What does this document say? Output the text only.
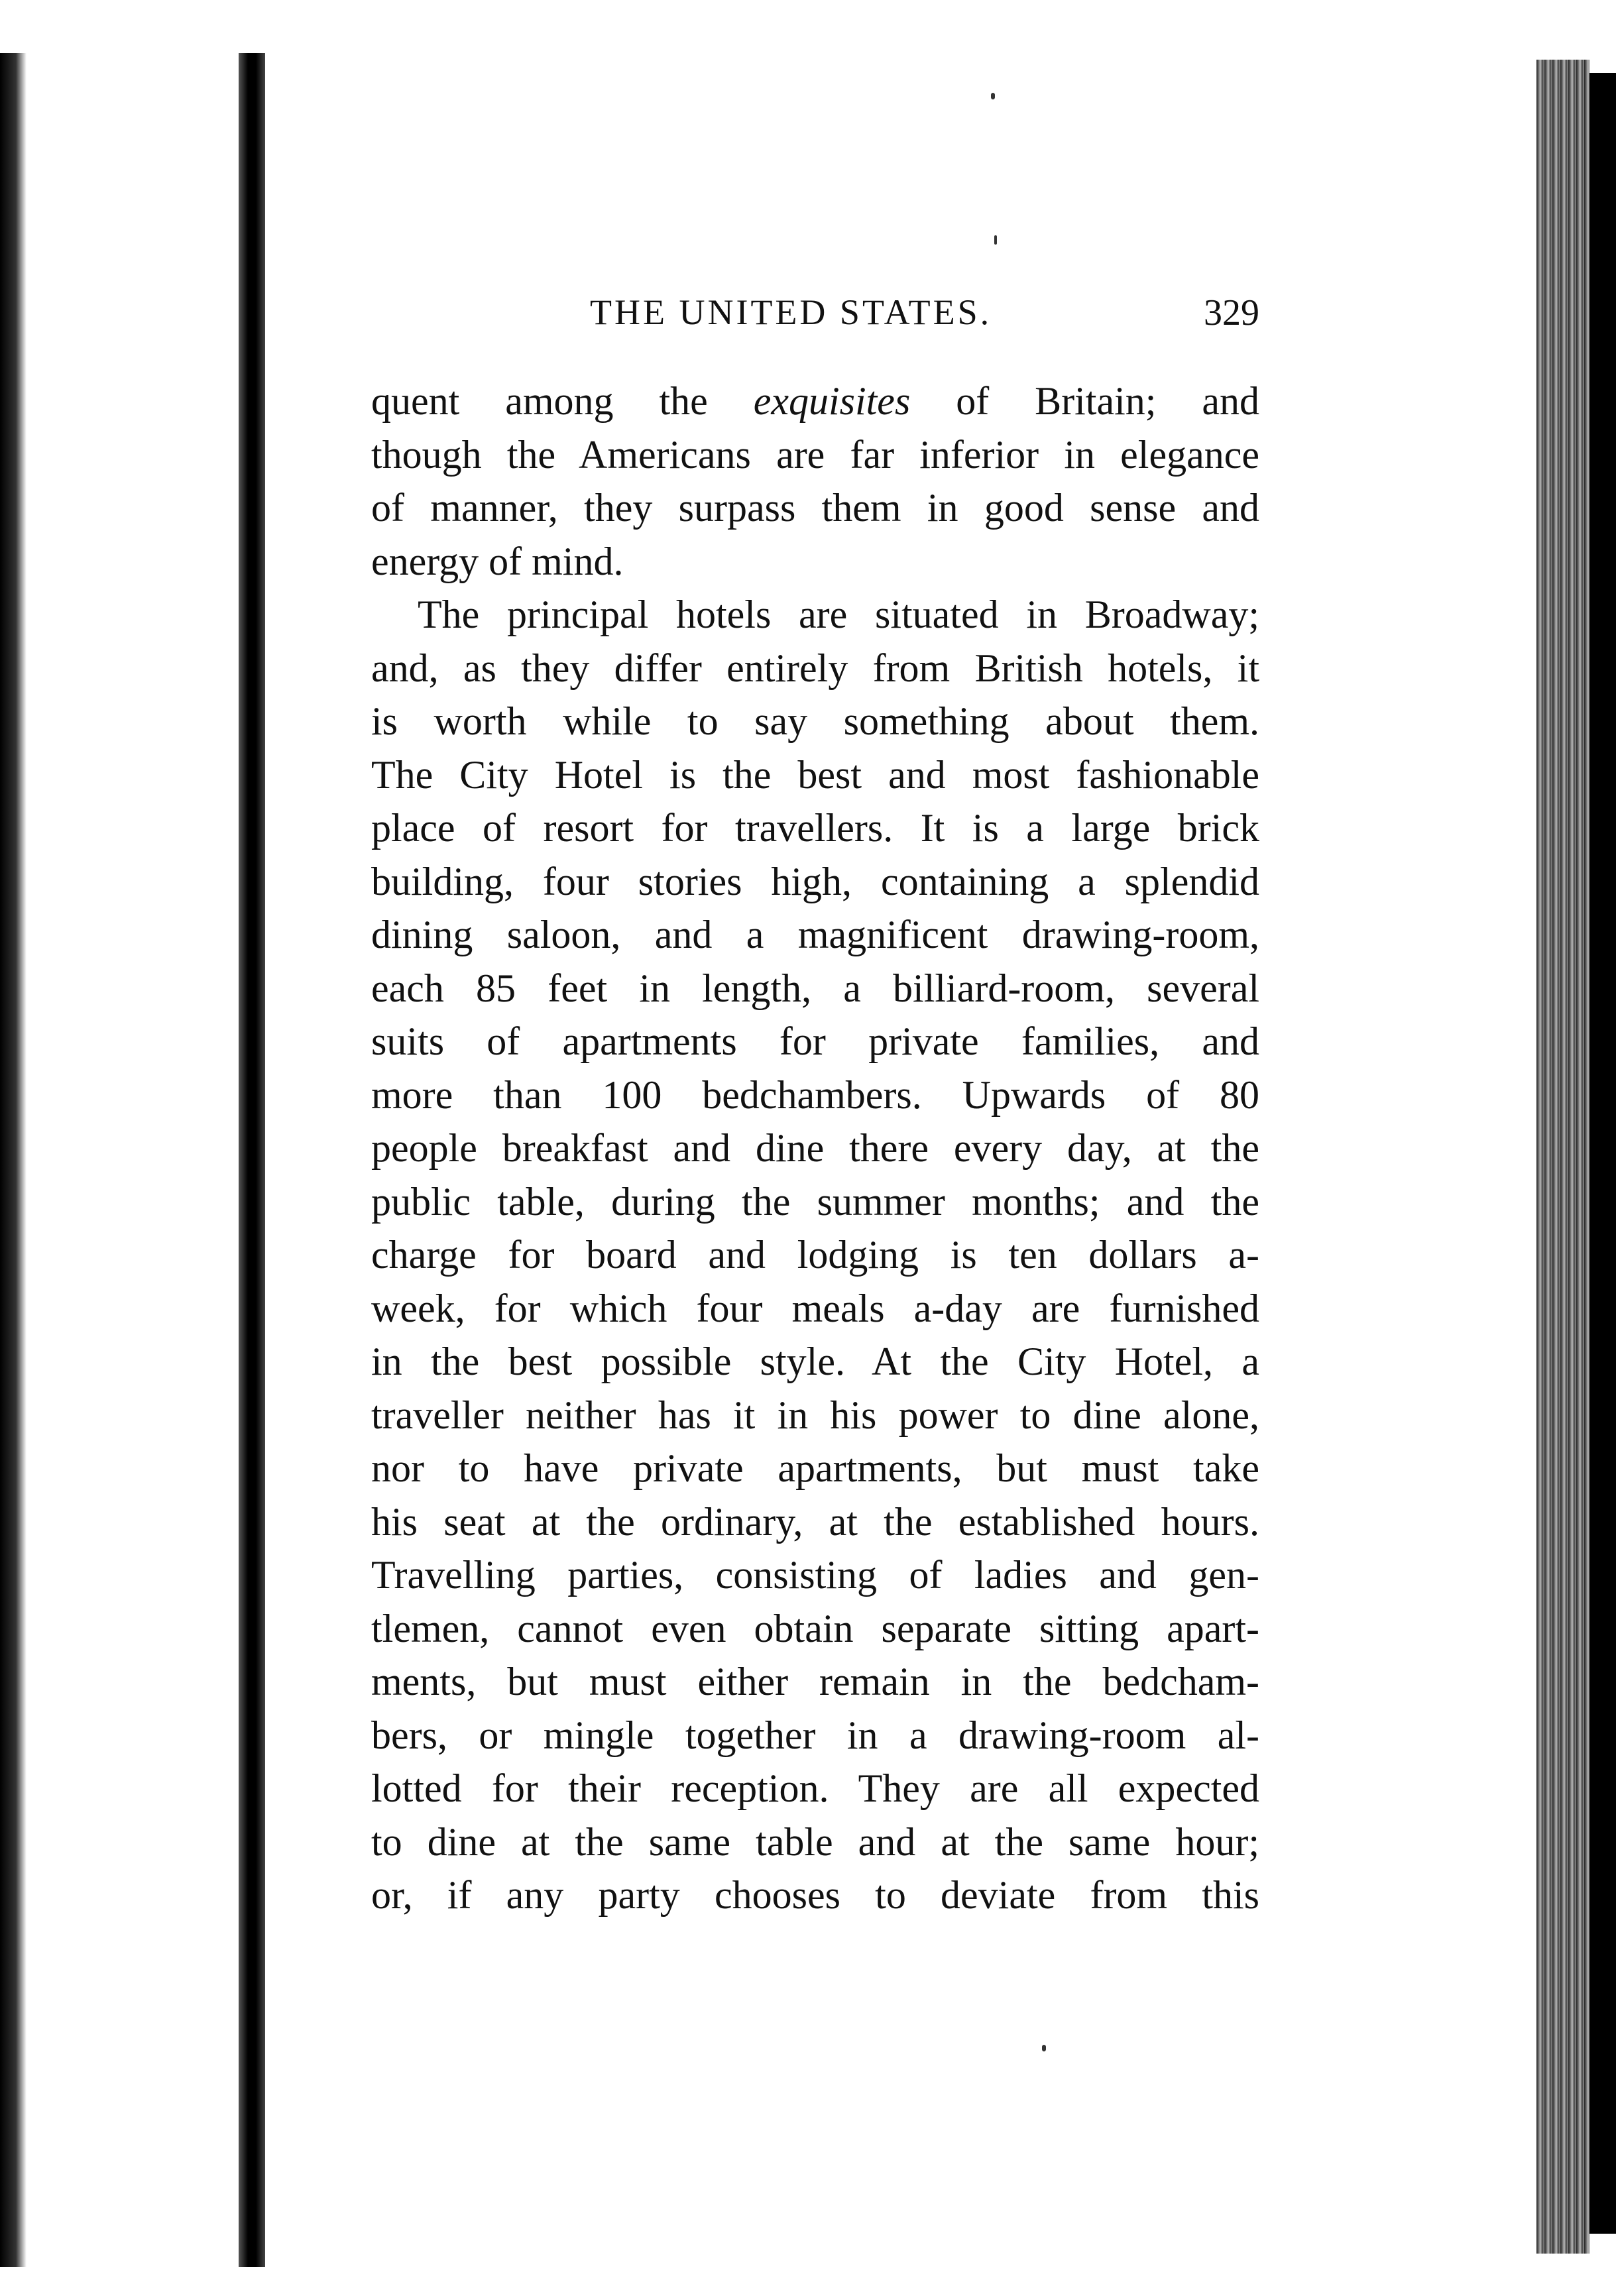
THE UNITED STATES.	329
quent among the exquisites of Britain; and
though the Americans are far inferior in elegance
of manner, they surpass them in good sense and
energy of mind.
The principal hotels are situated in Broadway;
and, as they differ entirely from British hotels, it
is worth while to say something about them.
The City Hotel is the best and most fashionable
place of resort for travellers. It is a large brick
building, four stories high, containing a splendid
dining saloon, and a magnificent drawing-room,
each 85 feet in length, a billiard-room, several
suits of apartments for private families, and
more than 100 bedchambers. Upwards of 80
people breakfast and dine there every day, at the
public table, during the summer months; and the
charge for board and lodging is ten dollars a-
week, for which four meals a-day are furnished
in the best possible style. At the City Hotel, a
traveller neither has it in his power to dine alone,
nor to have private apartments, but must take
his seat at the ordinary, at the established hours.
Travelling parties, consisting of ladies and gen-
tlemen, cannot even obtain separate sitting apart-
ments, but must either remain in the bedcham-
bers, or mingle together in a drawing-room al-
lotted for their reception. They are all expected
to dine at the same table and at the same hour;
or, if any party chooses to deviate from this
